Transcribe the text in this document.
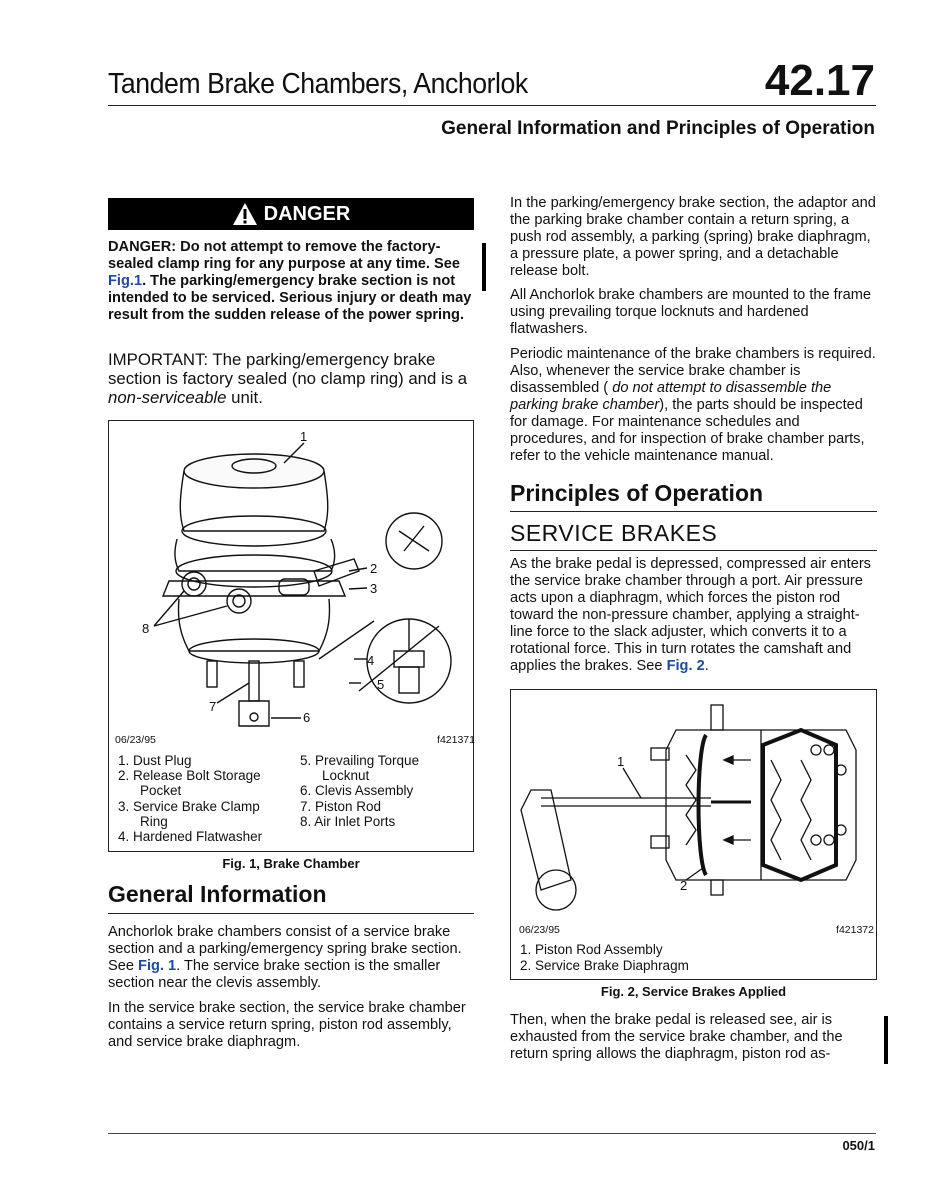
Tandem Brake Chambers, Anchorlok	42.17
General Information and Principles of Operation
DANGER
DANGER: Do not attempt to remove the factory-sealed clamp ring for any purpose at any time. See Fig.1. The parking/emergency brake section is not intended to be serviced. Serious injury or death may result from the sudden release of the power spring.
IMPORTANT: The parking/emergency brake section is factory sealed (no clamp ring) and is a non-serviceable unit.
1
2
3
4
5
6
7
8
06/23/95	f421371
1. Dust Plug
2. Release Bolt Storage
Pocket
3. Service Brake Clamp
Ring
4. Hardened Flatwasher
5. Prevailing Torque
Locknut
6. Clevis Assembly
7. Piston Rod
8. Air Inlet Ports
Fig. 1, Brake Chamber
General Information
Anchorlok brake chambers consist of a service brake section and a parking/emergency spring brake section. See Fig. 1. The service brake section is the smaller section near the clevis assembly.
In the service brake section, the service brake chamber contains a service return spring, piston rod assembly, and service brake diaphragm.
In the parking/emergency brake section, the adaptor and the parking brake chamber contain a return spring, a push rod assembly, a parking (spring) brake diaphragm, a pressure plate, a power spring, and a detachable release bolt.
All Anchorlok brake chambers are mounted to the frame using prevailing torque locknuts and hardened flatwashers.
Periodic maintenance of the brake chambers is required. Also, whenever the service brake chamber is disassembled ( do not attempt to disassemble the parking brake chamber), the parts should be inspected for damage. For maintenance schedules and procedures, and for inspection of brake chamber parts, refer to the vehicle maintenance manual.
Principles of Operation
SERVICE BRAKES
As the brake pedal is depressed, compressed air enters the service brake chamber through a port. Air pressure acts upon a diaphragm, which forces the piston rod toward the non-pressure chamber, applying a straight-line force to the slack adjuster, which converts it to a rotational force. This in turn rotates the camshaft and applies the brakes. See Fig. 2.
1
2
06/23/95	f421372
1. Piston Rod Assembly
2. Service Brake Diaphragm
Fig. 2, Service Brakes Applied
Then, when the brake pedal is released see, air is exhausted from the service brake chamber, and the return spring allows the diaphragm, piston rod as-
050/1
